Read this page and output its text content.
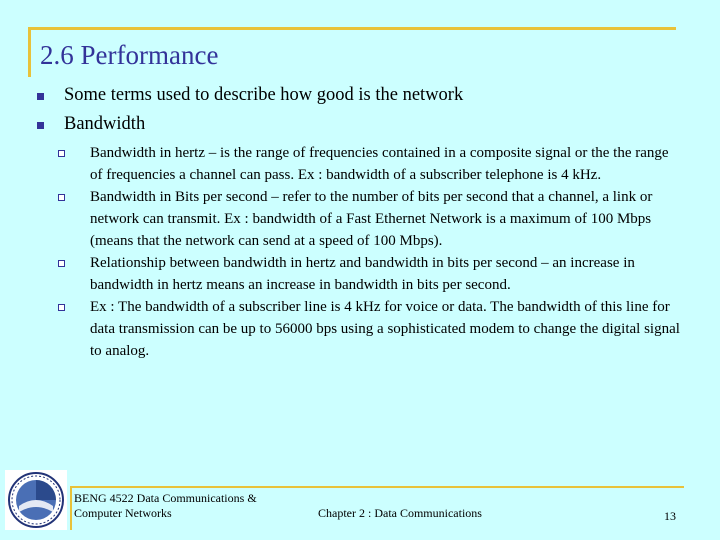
2.6 Performance
Some terms used to describe how good is the network
Bandwidth

Bandwidth in hertz – is the range of frequencies contained in a composite signal or the the range of frequencies a channel can pass. Ex : bandwidth of a subscriber telephone is 4 kHz.

Bandwidth in Bits per second – refer to the number of bits per second that a channel, a link or network can transmit. Ex : bandwidth of a Fast Ethernet Network is a maximum of 100 Mbps (means that the network can send at a speed of 100 Mbps).

Relationship between bandwidth in hertz and bandwidth in bits per second – an increase in bandwidth in hertz means an increase in bandwidth in bits per second.

Ex : The bandwidth of a subscriber line is 4 kHz for voice or data. The bandwidth of this line for data transmission can be up to 56000 bps using a sophisticated modem to change the digital signal to analog.

BENG 4522 Data Communications &
Computer Networks	Chapter 2 : Data Communications	13
